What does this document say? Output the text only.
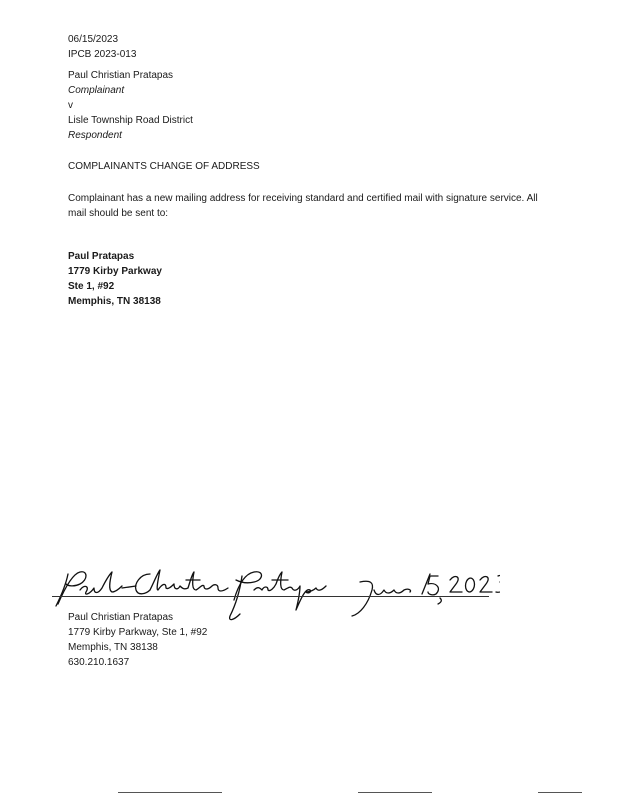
06/15/2023
IPCB 2023-013
Paul Christian Pratapas
Complainant
v
Lisle Township Road District
Respondent
COMPLAINANTS CHANGE OF ADDRESS
Complainant has a new mailing address for receiving standard and certified mail with signature service. All mail should be sent to:
Paul Pratapas
1779 Kirby Parkway
Ste 1, #92
Memphis, TN 38138
Paul Christian Pratapas
1779 Kirby Parkway, Ste 1, #92
Memphis, TN 38138
630.210.1637
